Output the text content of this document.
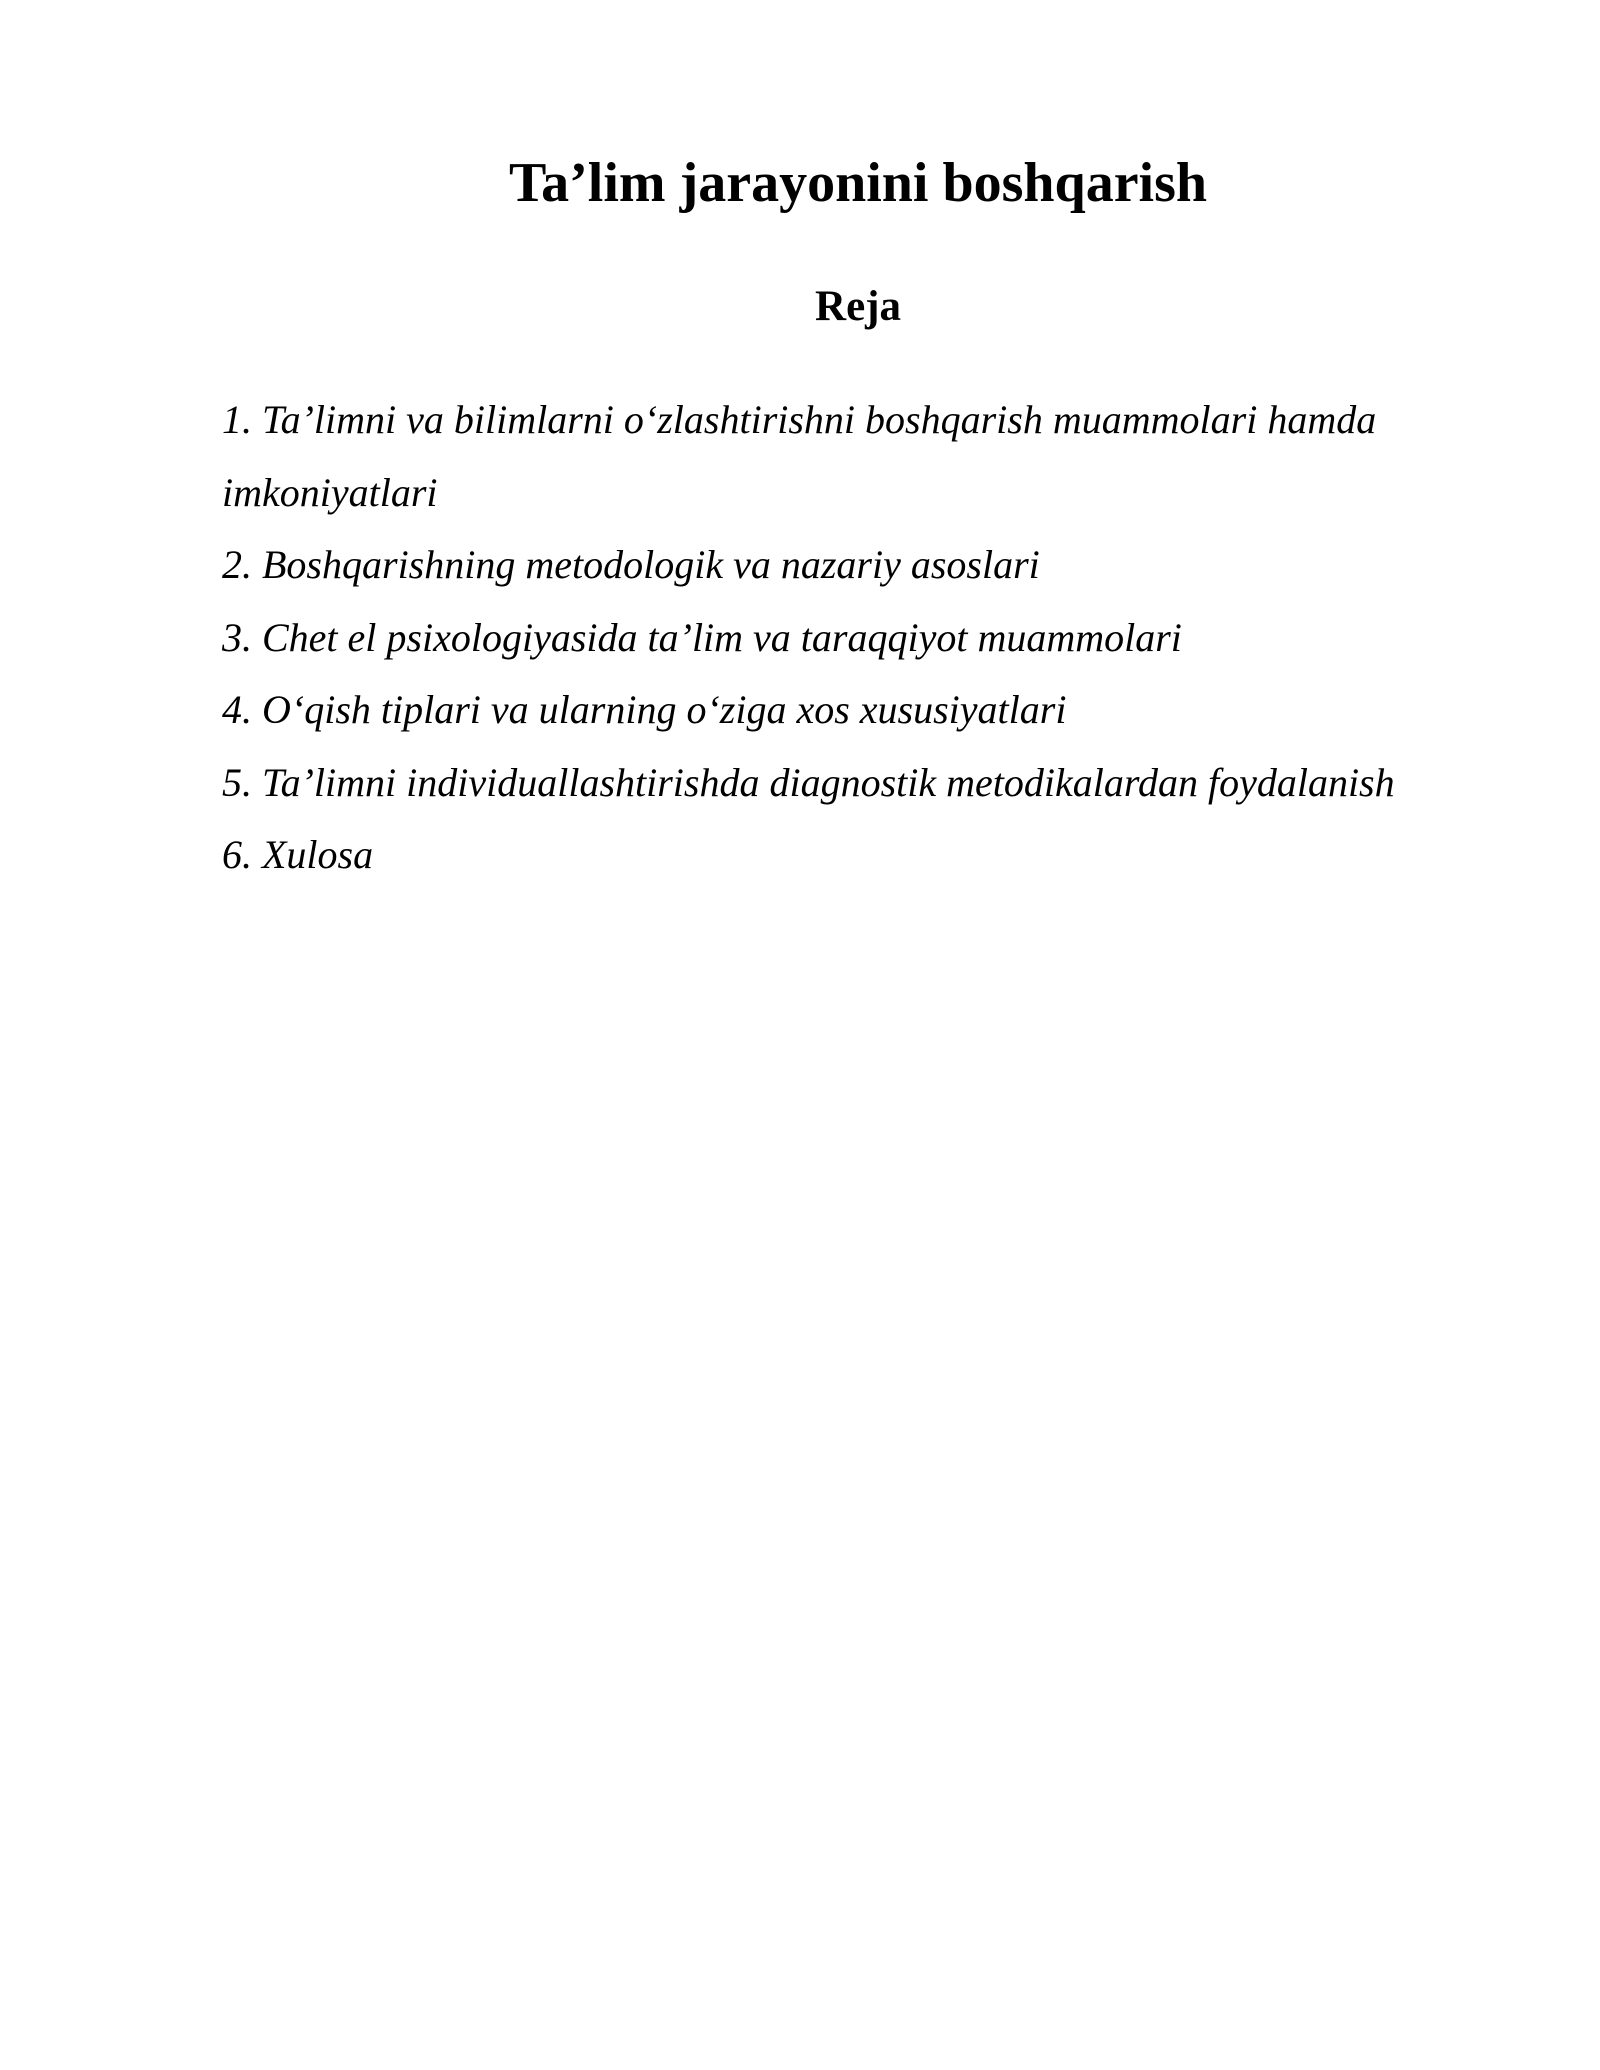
Ta’lim jarayonini boshqarish
Reja
1. Ta’limni va bilimlarni o‘zlashtirishni boshqarish muammolari hamda imkoniyatlari
2. Boshqarishning metodologik va nazariy asoslari
3. Chet el psixologiyasida ta’lim va taraqqiyot muammolari
4. O‘qish tiplari va ularning o‘ziga xos xususiyatlari
5. Ta’limni individuallashtirishda diagnostik metodikalardan foydalanish
6. Xulosa
